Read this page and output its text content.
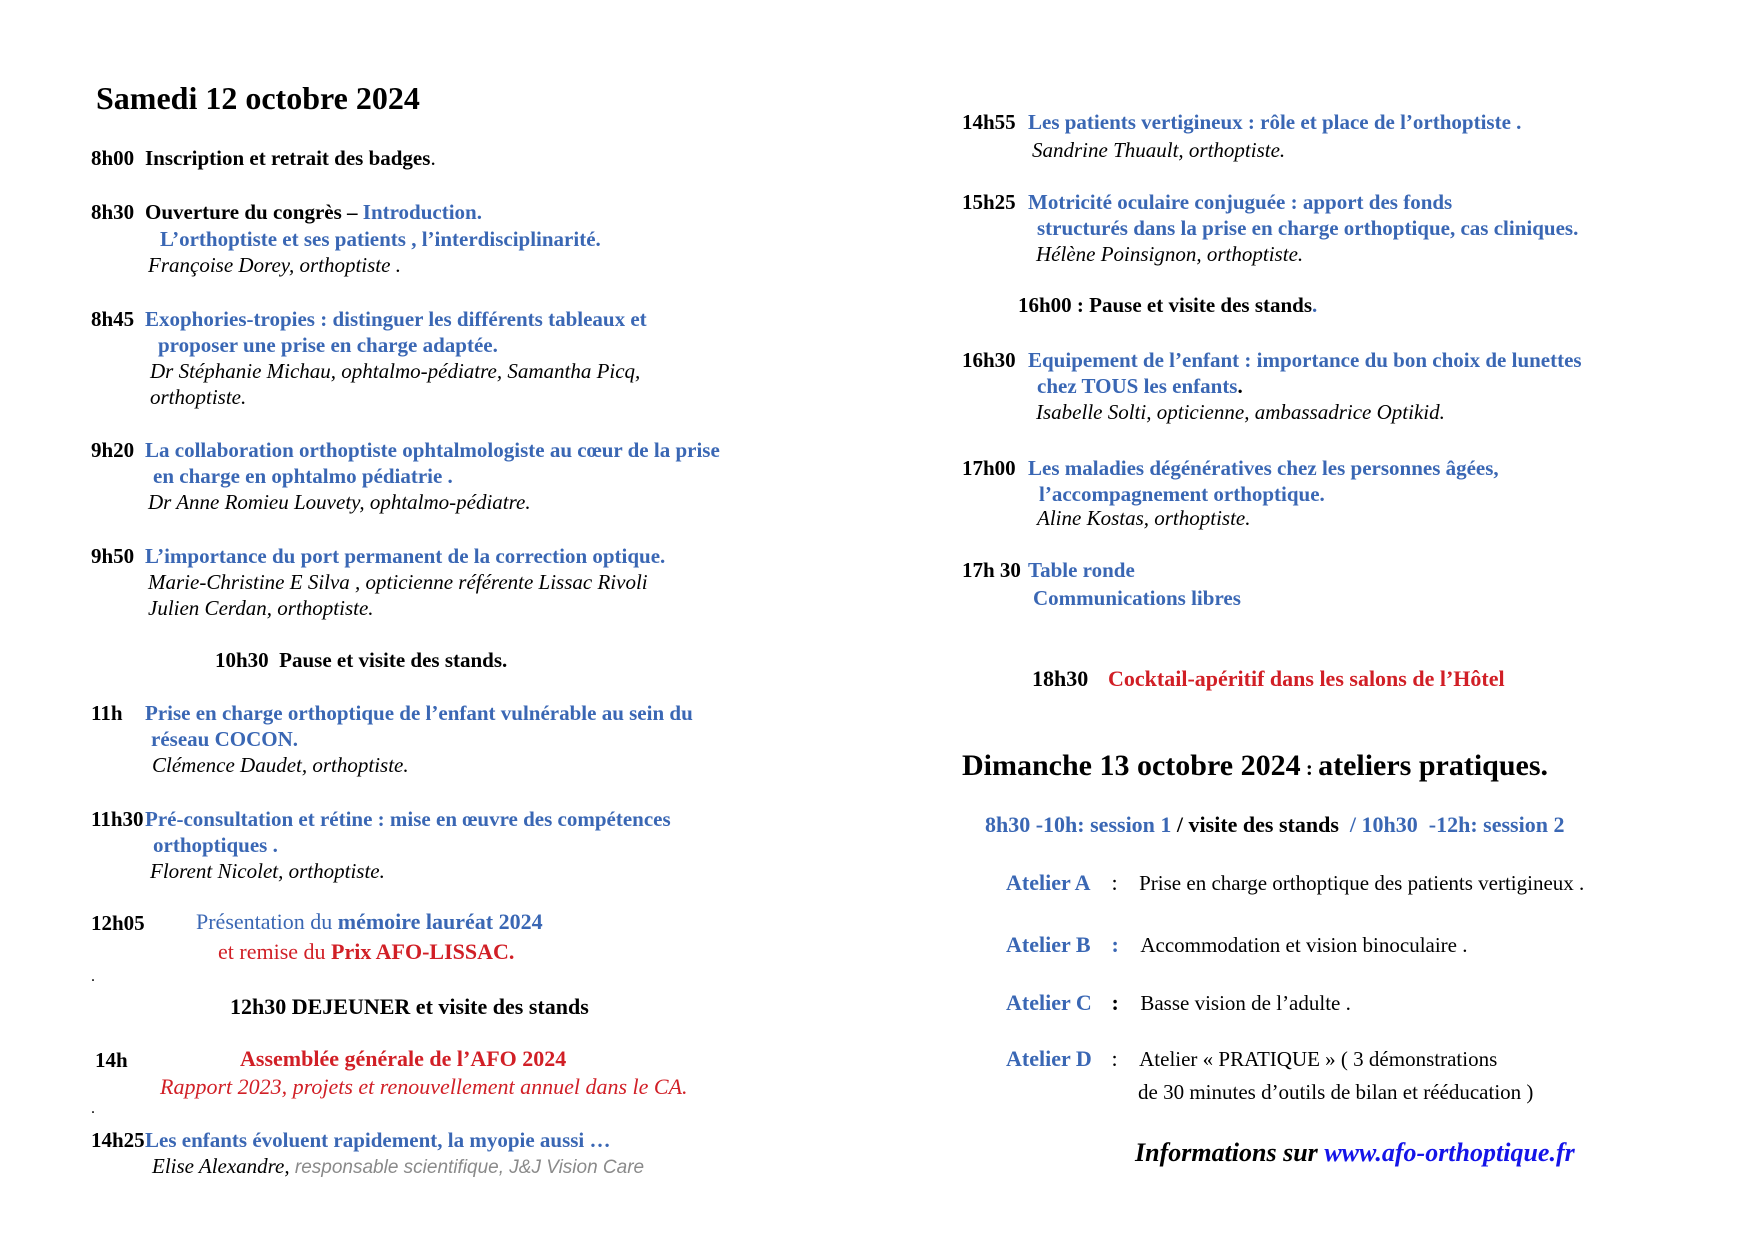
Samedi 12 octobre 2024
8h00 Inscription et retrait des badges.
8h30 Ouverture du congrès – Introduction.
L’orthoptiste et ses patients , l’interdisciplinarité.
Françoise Dorey, orthoptiste .
8h45 Exophories-tropies : distinguer les différents tableaux et
proposer une prise en charge adaptée.
Dr Stéphanie Michau, ophtalmo-pédiatre, Samantha Picq,
orthoptiste.
9h20 La collaboration orthoptiste ophtalmologiste au cœur de la prise
en charge en ophtalmo pédiatrie .
Dr Anne Romieu Louvety, ophtalmo-pédiatre.
9h50 L’importance du port permanent de la correction optique.
Marie-Christine E Silva , opticienne référente Lissac Rivoli
Julien Cerdan, orthoptiste.
10h30  Pause et visite des stands.
11h Prise en charge orthoptique de l’enfant vulnérable au sein du
réseau COCON.
Clémence Daudet, orthoptiste.
11h30Pré-consultation et rétine : mise en œuvre des compétences
orthoptiques .
Florent Nicolet, orthoptiste.
12h05 Présentation du mémoire lauréat 2024
et remise du Prix AFO-LISSAC.
.
12h30 DEJEUNER et visite des stands
14h	Assemblée générale de l’AFO 2024
Rapport 2023, projets et renouvellement annuel dans le CA.
.
14h25Les enfants évoluent rapidement, la myopie aussi …
Elise Alexandre, responsable scientifique, J&J Vision Care
14h55 Les patients vertigineux : rôle et place de l’orthoptiste .
Sandrine Thuault, orthoptiste.
15h25 Motricité oculaire conjuguée : apport des fonds
structurés dans la prise en charge orthoptique, cas cliniques.
Hélène Poinsignon, orthoptiste.
16h00 : Pause et visite des stands.
16h30 Equipement de l’enfant : importance du bon choix de lunettes
chez TOUS les enfants.
Isabelle Solti, opticienne, ambassadrice Optikid.
17h00 Les maladies dégénératives chez les personnes âgées,
l’accompagnement orthoptique.
Aline Kostas, orthoptiste.
17h 30 Table ronde
Communications libres
18h30 Cocktail-apéritif dans les salons de l’Hôtel
Dimanche 13 octobre 2024 : ateliers pratiques.
8h30 -10h: session 1 / visite des stands  / 10h30  -12h: session 2
Atelier A : Prise en charge orthoptique des patients vertigineux .
Atelier B : Accommodation et vision binoculaire .
Atelier C : Basse vision de l’adulte .
Atelier D : Atelier « PRATIQUE » ( 3 démonstrations
de 30 minutes d’outils de bilan et rééducation )
Informations sur www.afo-orthoptique.fr
